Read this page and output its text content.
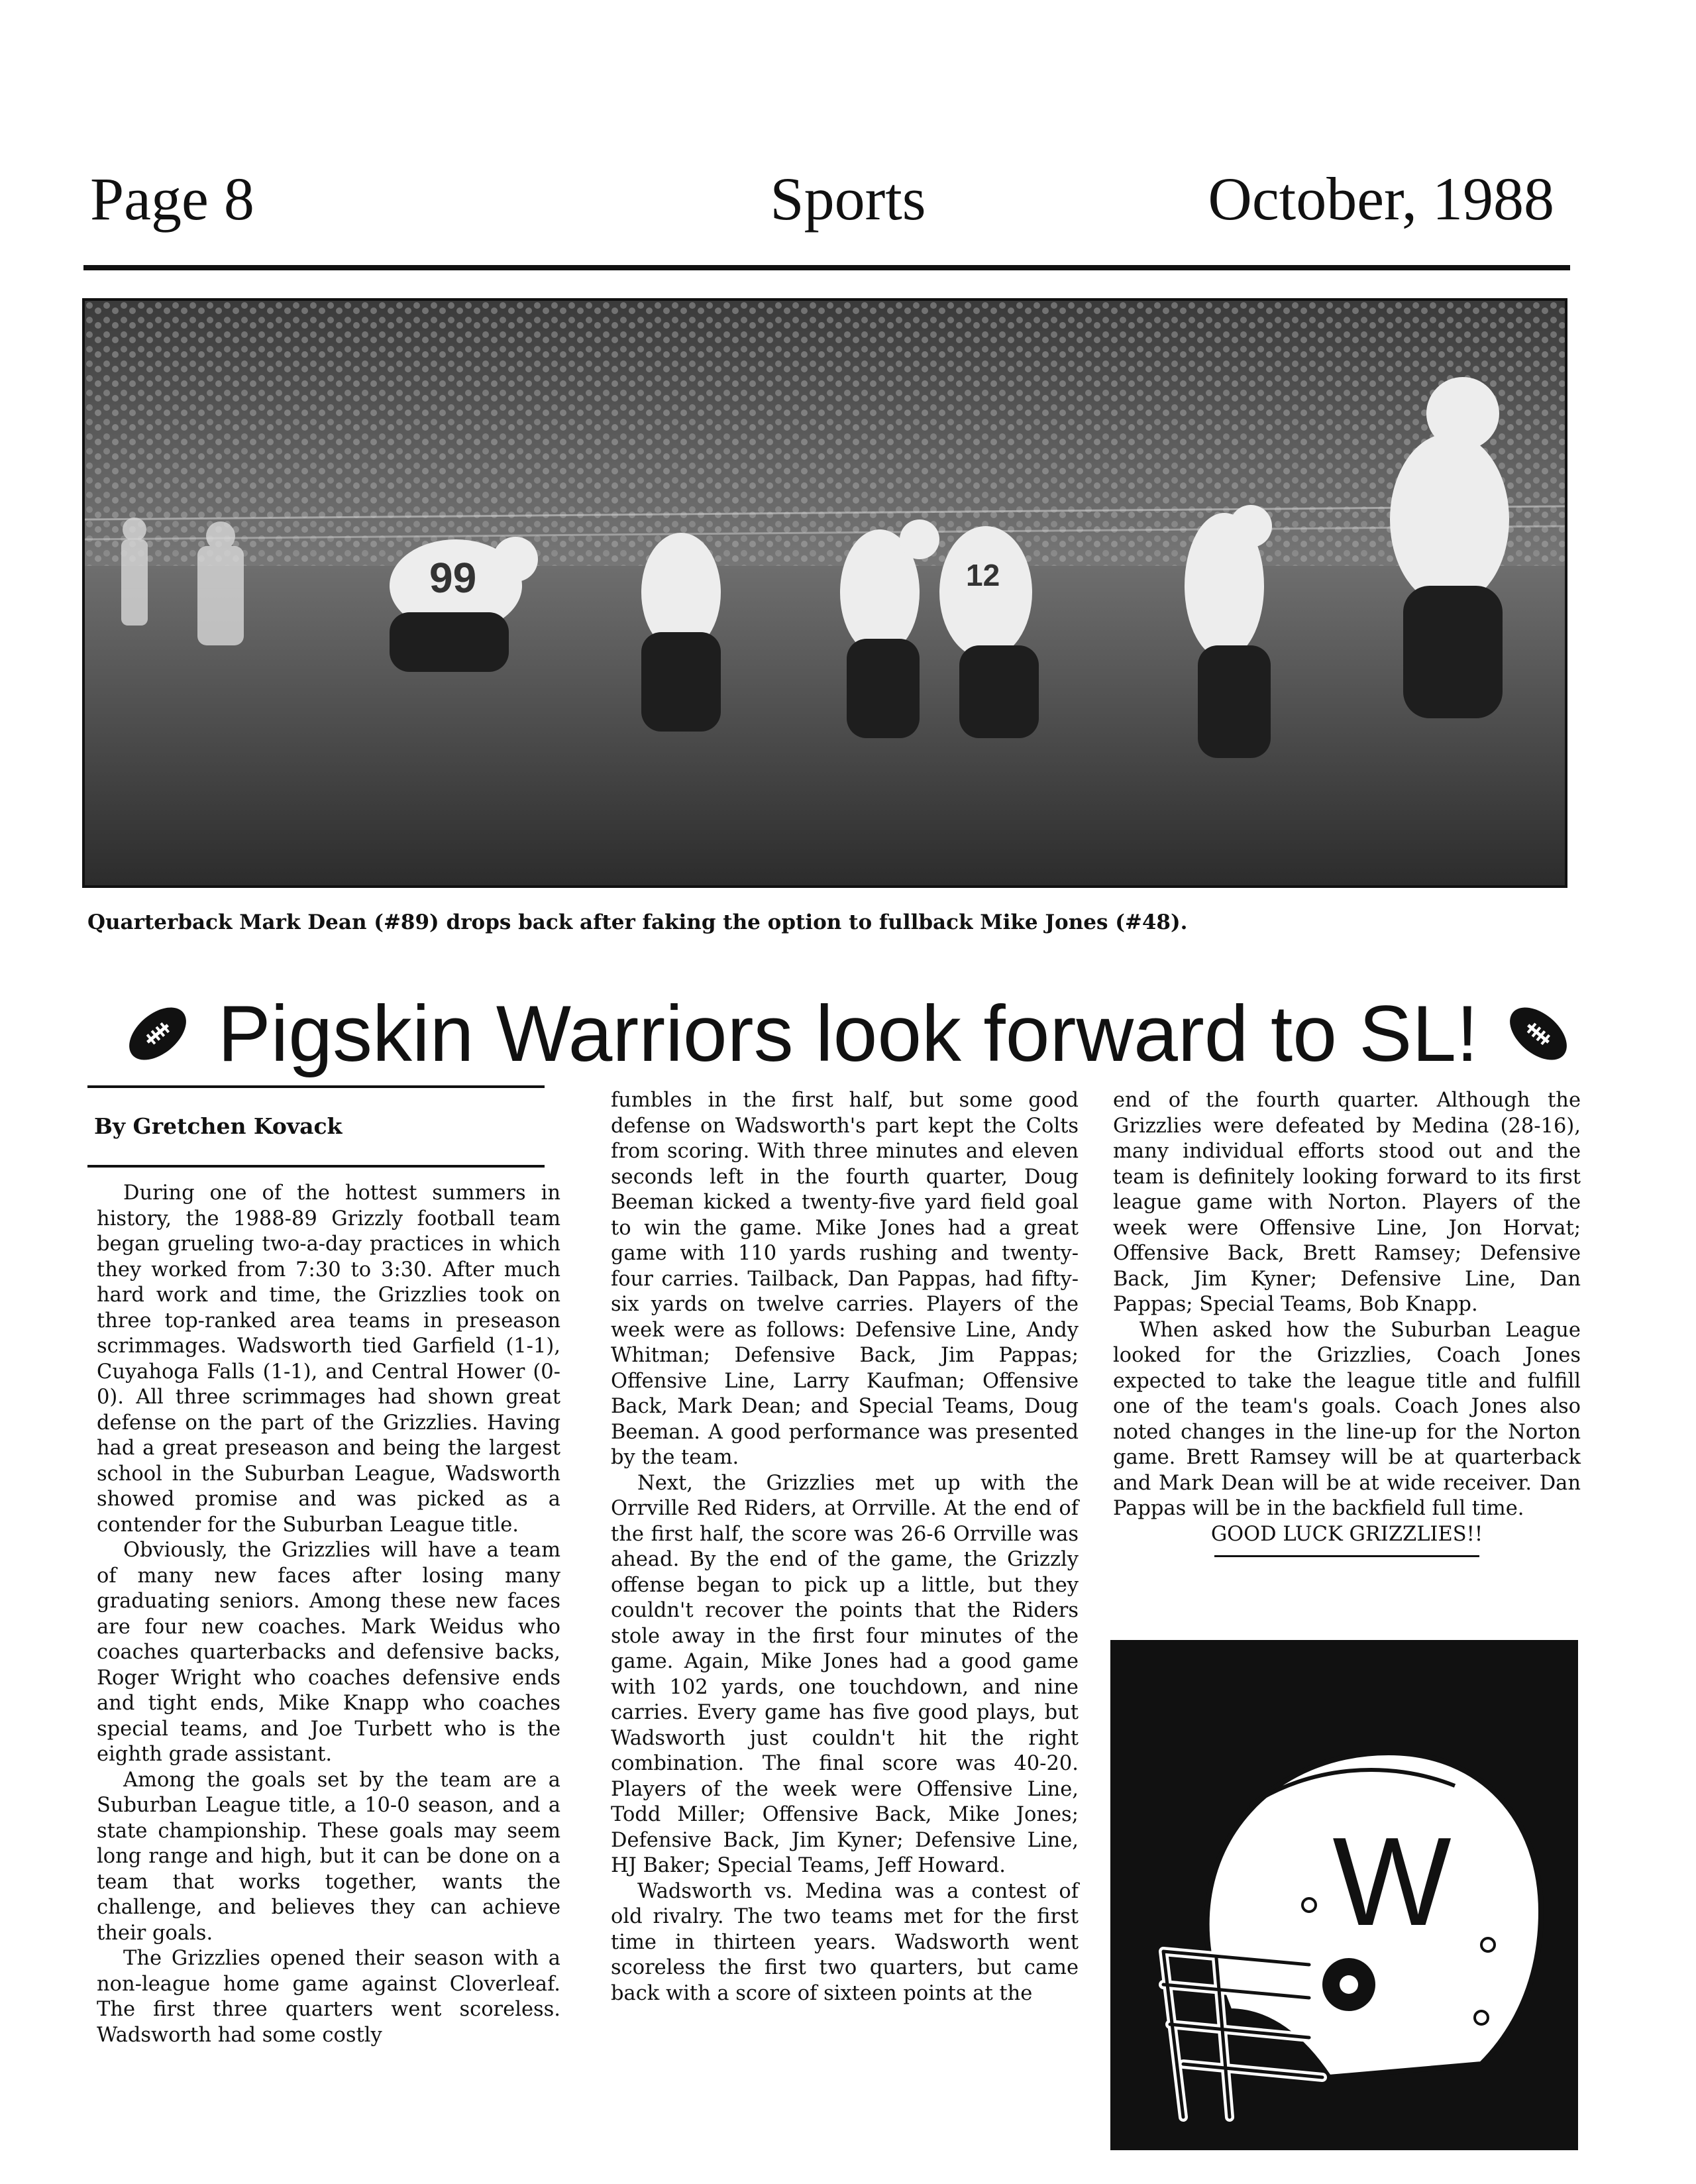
Page 8	Sports	October, 1988
99	12
Quarterback Mark Dean (#89) drops back after faking the option to fullback Mike Jones (#48).
Pigskin Warriors look forward to SL!
By Gretchen Kovack

During one of the hottest summers in history, the 1988-89 Grizzly football team began grueling two-a-day practices in which they worked from 7:30 to 3:30. After much hard work and time, the Grizzlies took on three top-ranked area teams in preseason scrimmages. Wadsworth tied Garfield (1-1), Cuyahoga Falls (1-1), and Central Hower (0-0). All three scrimmages had shown great defense on the part of the Grizzlies. Having had a great preseason and being the largest school in the Suburban League, Wadsworth showed promise and was picked as a contender for the Suburban League title.

Obviously, the Grizzlies will have a team of many new faces after losing many graduating seniors. Among these new faces are four new coaches. Mark Weidus who coaches quarterbacks and defensive backs, Roger Wright who coaches defensive ends and tight ends, Mike Knapp who coaches special teams, and Joe Turbett who is the eighth grade assistant.

Among the goals set by the team are a Suburban League title, a 10-0 season, and a state championship. These goals may seem long range and high, but it can be done on a team that works together, wants the challenge, and believes they can achieve their goals.

The Grizzlies opened their season with a non-league home game against Cloverleaf. The first three quarters went scoreless. Wadsworth had some costly

fumbles in the first half, but some good defense on Wadsworth's part kept the Colts from scoring. With three minutes and eleven seconds left in the fourth quarter, Doug Beeman kicked a twenty-five yard field goal to win the game. Mike Jones had a great game with 110 yards rushing and twenty-four carries. Tailback, Dan Pappas, had fifty-six yards on twelve carries. Players of the week were as follows: Defensive Line, Andy Whitman; Defensive Back, Jim Pappas; Offensive Line, Larry Kaufman; Offensive Back, Mark Dean; and Special Teams, Doug Beeman. A good performance was presented by the team.

Next, the Grizzlies met up with the Orrville Red Riders, at Orrville. At the end of the first half, the score was 26-6 Orrville was ahead. By the end of the game, the Grizzly offense began to pick up a little, but they couldn't recover the points that the Riders stole away in the first four minutes of the game. Again, Mike Jones had a good game with 102 yards, one touchdown, and nine carries. Every game has five good plays, but Wadsworth just couldn't hit the right combination. The final score was 40-20. Players of the week were Offensive Line, Todd Miller; Offensive Back, Mike Jones; Defensive Back, Jim Kyner; Defensive Line, HJ Baker; Special Teams, Jeff Howard.

Wadsworth vs. Medina was a contest of old rivalry. The two teams met for the first time in thirteen years. Wadsworth went scoreless the first two quarters, but came back with a score of sixteen points at the

end of the fourth quarter. Although the Grizzlies were defeated by Medina (28-16), many individual efforts stood out and the team is definitely looking forward to its first league game with Norton. Players of the week were Offensive Line, Jon Horvat; Offensive Back, Brett Ramsey; Defensive Back, Jim Kyner; Defensive Line, Dan Pappas; Special Teams, Bob Knapp.

When asked how the Suburban League looked for the Grizzlies, Coach Jones expected to take the league title and fulfill one of the team's goals. Coach Jones also noted changes in the line-up for the Norton game. Brett Ramsey will be at quarterback and Mark Dean will be at wide receiver. Dan Pappas will be in the backfield full time.

GOOD LUCK GRIZZLIES!!

W
